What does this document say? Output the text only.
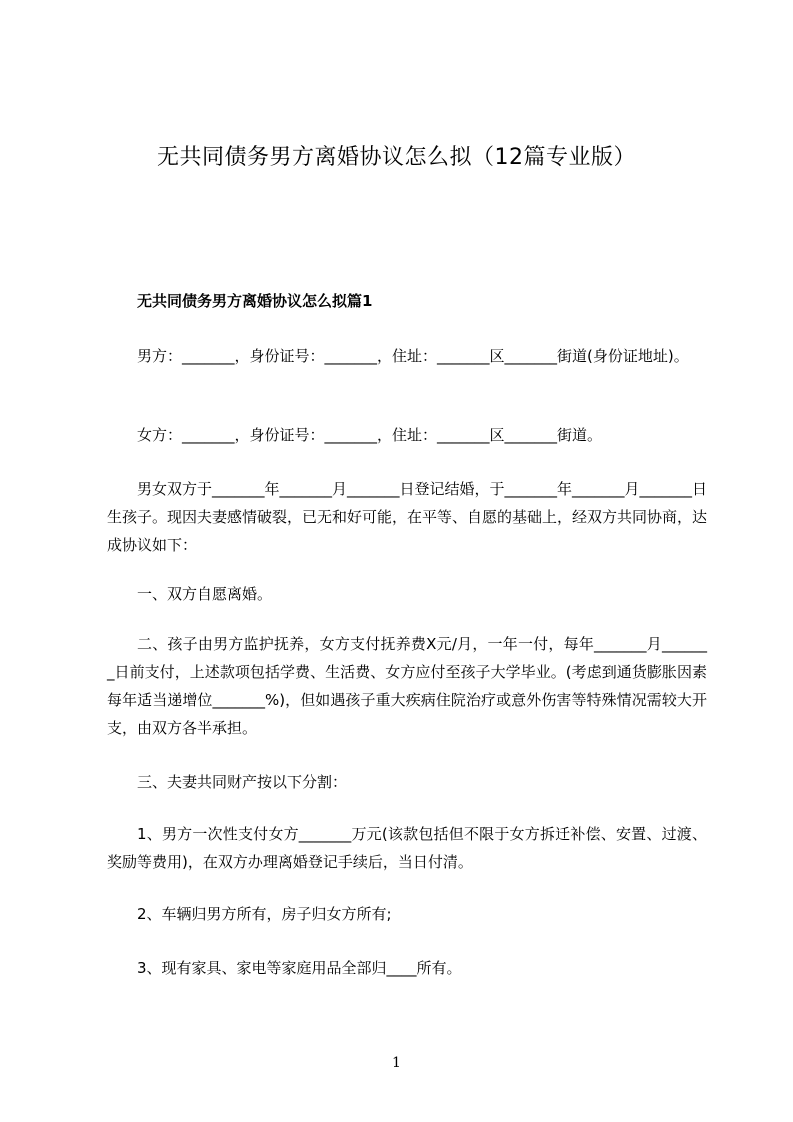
无共同债务男方离婚协议怎么拟（12篇专业版）
无共同债务男方离婚协议怎么拟篇1
男方：_______，身份证号：_______，住址：_______区_______街道(身份证地址)。
女方：_______，身份证号：_______，住址：_______区_______街道。
男女双方于_______年_______月_______日登记结婚，于_______年_______月_______日生孩子。现因夫妻感情破裂，已无和好可能，在平等、自愿的基础上，经双方共同协商，达成协议如下：
一、双方自愿离婚。
二、孩子由男方监护抚养，女方支付抚养费X元/月，一年一付，每年_______月_______日前支付，上述款项包括学费、生活费、女方应付至孩子大学毕业。(考虑到通货膨胀因素每年适当递增位_______%)，但如遇孩子重大疾病住院治疗或意外伤害等特殊情况需较大开支，由双方各半承担。
三、夫妻共同财产按以下分割：
1、男方一次性支付女方_______万元(该款包括但不限于女方拆迁补偿、安置、过渡、奖励等费用)，在双方办理离婚登记手续后，当日付清。
2、车辆归男方所有，房子归女方所有;
3、现有家具、家电等家庭用品全部归____所有。
1
